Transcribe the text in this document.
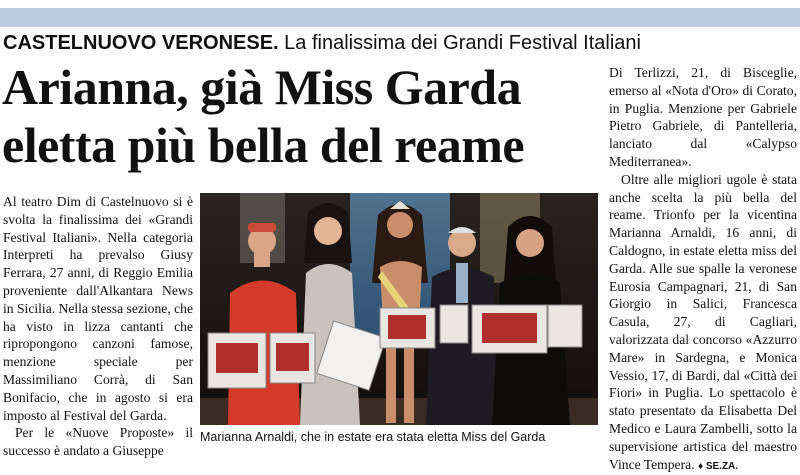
CASTELNUOVO VERONESE. La finalissima dei Grandi Festival Italiani
Arianna, già Miss Garda
eletta più bella del reame

Al teatro Dim di Castelnuovo si è svolta la finalissima dei «Grandi Festival Italiani». Nella categoria Interpreti ha prevalso Giusy Ferrara, 27 anni, di Reggio Emilia proveniente dall'Alkantara News in Sicilia. Nella stessa sezione, che ha visto in lizza cantanti che ripropongono canzoni famose, menzione speciale per Massimiliano Corrà, di San Bonifacio, che in agosto si era imposto al Festival del Garda.

Per le «Nuove Proposte» il successo è andato a Giuseppe

Di Terlizzi, 21, di Bisceglie, emerso al «Nota d'Oro» di Corato, in Puglia. Menzione per Gabriele Pietro Gabriele, di Pantelleria, lanciato dal «Calypso Mediterranea».

Oltre alle migliori ugole è stata anche scelta la più bella del reame. Trionfo per la vicentina Marianna Arnaldi, 16 anni, di Caldogno, in estate eletta miss del Garda. Alle sue spalle la veronese Eurosia Campagnari, 21, di San Giorgio in Salici, Francesca Casula, 27, di Cagliari, valorizzata dal concorso «Azzurro Mare» in Sardegna, e Monica Vessio, 17, di Bardi, dal «Città dei Fiori» in Puglia. Lo spettacolo è stato presentato da Elisabetta Del Medico e Laura Zambelli, sotto la supervisione artistica del maestro Vince Tempera. ♦ SE.ZA.

Marianna Arnaldi, che in estate era stata eletta Miss del Garda
